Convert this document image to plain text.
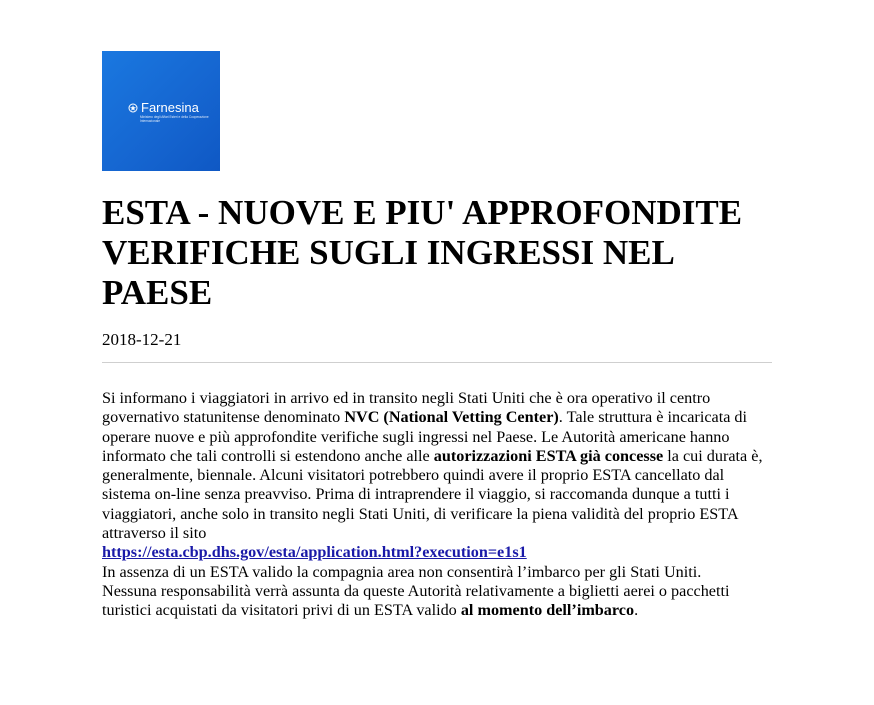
Farnesina
Ministero degli Affari Esteri e della Cooperazione Internazionale
ESTA - NUOVE E PIU' APPROFONDITE VERIFICHE SUGLI INGRESSI NEL PAESE
2018-12-21

Si informano i viaggiatori in arrivo ed in transito negli Stati Uniti che è ora operativo il centro governativo statunitense denominato NVC (National Vetting Center). Tale struttura è incaricata di operare nuove e più approfondite verifiche sugli ingressi nel Paese. Le Autorità americane hanno informato che tali controlli si estendono anche alle autorizzazioni ESTA già concesse la cui durata è, generalmente, biennale. Alcuni visitatori potrebbero quindi avere il proprio ESTA cancellato dal sistema on-line senza preavviso. Prima di intraprendere il viaggio, si raccomanda dunque a tutti i viaggiatori, anche solo in transito negli Stati Uniti, di verificare la piena validità del proprio ESTA attraverso il sito

https://esta.cbp.dhs.gov/esta/application.html?execution=e1s1

In assenza di un ESTA valido la compagnia area non consentirà l’imbarco per gli Stati Uniti.

Nessuna responsabilità verrà assunta da queste Autorità relativamente a biglietti aerei o pacchetti turistici acquistati da visitatori privi di un ESTA valido al momento dell’imbarco.
